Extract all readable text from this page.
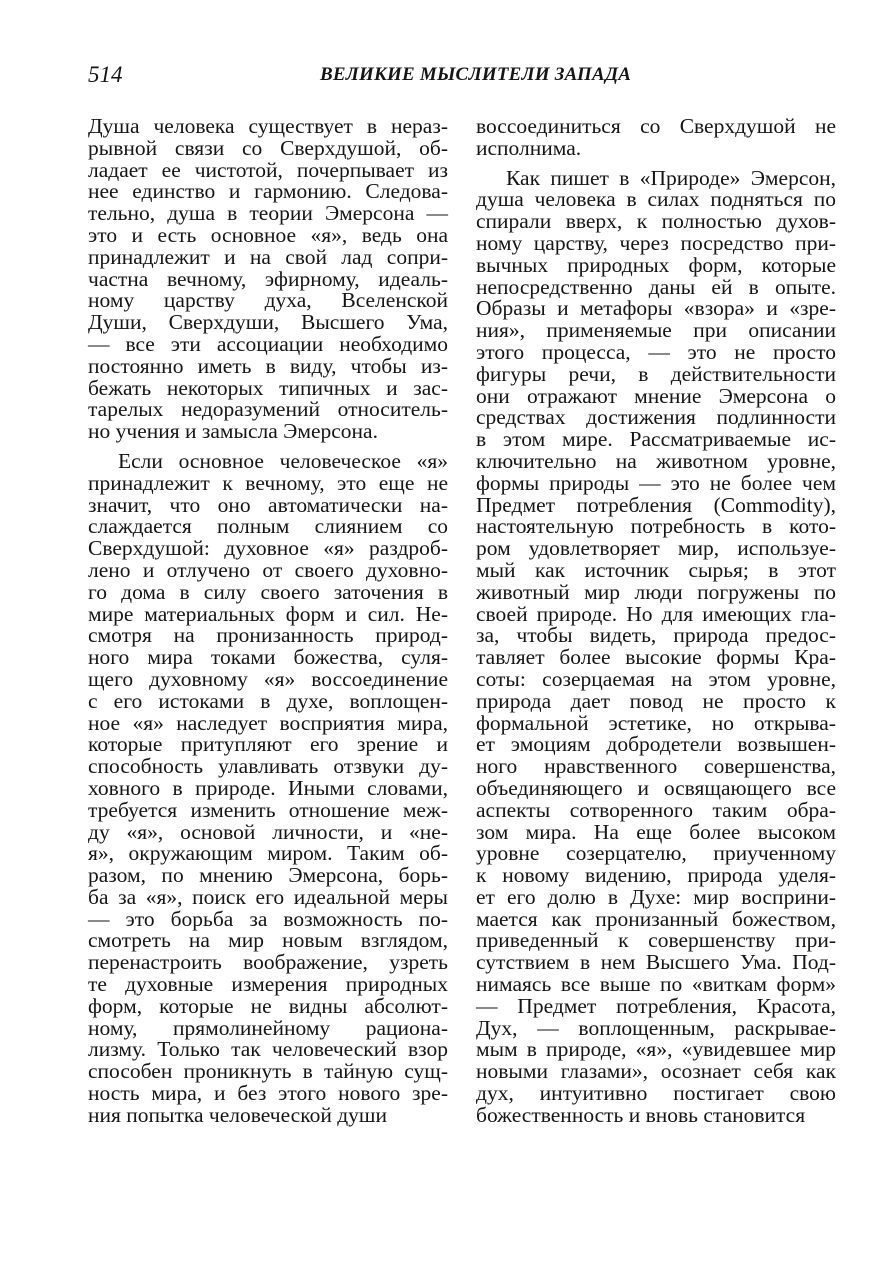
514	ВЕЛИКИЕ МЫСЛИТЕЛИ ЗАПАДА
Душа человека существует в нераз-
рывной связи со Сверхдушой, об-
ладает ее чистотой, почерпывает из
нее единство и гармонию. Следова-
тельно, душа в теории Эмерсона —
это и есть основное «я», ведь она
принадлежит и на свой лад сопри-
частна вечному, эфирному, идеаль-
ному царству духа, Вселенской
Души, Сверхдуши, Высшего Ума,
— все эти ассоциации необходимо
постоянно иметь в виду, чтобы из-
бежать некоторых типичных и зас-
тарелых недоразумений относитель-
но учения и замысла Эмерсона.
Если основное человеческое «я»
принадлежит к вечному, это еще не
значит, что оно автоматически на-
слаждается полным слиянием со
Сверхдушой: духовное «я» раздроб-
лено и отлучено от своего духовно-
го дома в силу своего заточения в
мире материальных форм и сил. Не-
смотря на пронизанность природ-
ного мира токами божества, суля-
щего духовному «я» воссоединение
с его истоками в духе, воплощен-
ное «я» наследует восприятия мира,
которые притупляют его зрение и
способность улавливать отзвуки ду-
ховного в природе. Иными словами,
требуется изменить отношение меж-
ду «я», основой личности, и «не-
я», окружающим миром. Таким об-
разом, по мнению Эмерсона, борь-
ба за «я», поиск его идеальной меры
— это борьба за возможность по-
смотреть на мир новым взглядом,
перенастроить воображение, узреть
те духовные измерения природных
форм, которые не видны абсолют-
ному, прямолинейному рациона-
лизму. Только так человеческий взор
способен проникнуть в тайную сущ-
ность мира, и без этого нового зре-
ния попытка человеческой души
воссоединиться со Сверхдушой не
исполнима.
Как пишет в «Природе» Эмерсон,
душа человека в силах подняться по
спирали вверх, к полностью духов-
ному царству, через посредство при-
вычных природных форм, которые
непосредственно даны ей в опыте.
Образы и метафоры «взора» и «зре-
ния», применяемые при описании
этого процесса, — это не просто
фигуры речи, в действительности
они отражают мнение Эмерсона о
средствах достижения подлинности
в этом мире. Рассматриваемые ис-
ключительно на животном уровне,
формы природы — это не более чем
Предмет потребления (Commodity),
настоятельную потребность в кото-
ром удовлетворяет мир, используе-
мый как источник сырья; в этот
животный мир люди погружены по
своей природе. Но для имеющих гла-
за, чтобы видеть, природа предос-
тавляет более высокие формы Кра-
соты: созерцаемая на этом уровне,
природа дает повод не просто к
формальной эстетике, но открыва-
ет эмоциям добродетели возвышен-
ного нравственного совершенства,
объединяющего и освящающего все
аспекты сотворенного таким обра-
зом мира. На еще более высоком
уровне созерцателю, приученному
к новому видению, природа уделя-
ет его долю в Духе: мир восприни-
мается как пронизанный божеством,
приведенный к совершенству при-
сутствием в нем Высшего Ума. Под-
нимаясь все выше по «виткам форм»
— Предмет потребления, Красота,
Дух, — воплощенным, раскрывае-
мым в природе, «я», «увидевшее мир
новыми глазами», осознает себя как
дух, интуитивно постигает свою
божественность и вновь становится
